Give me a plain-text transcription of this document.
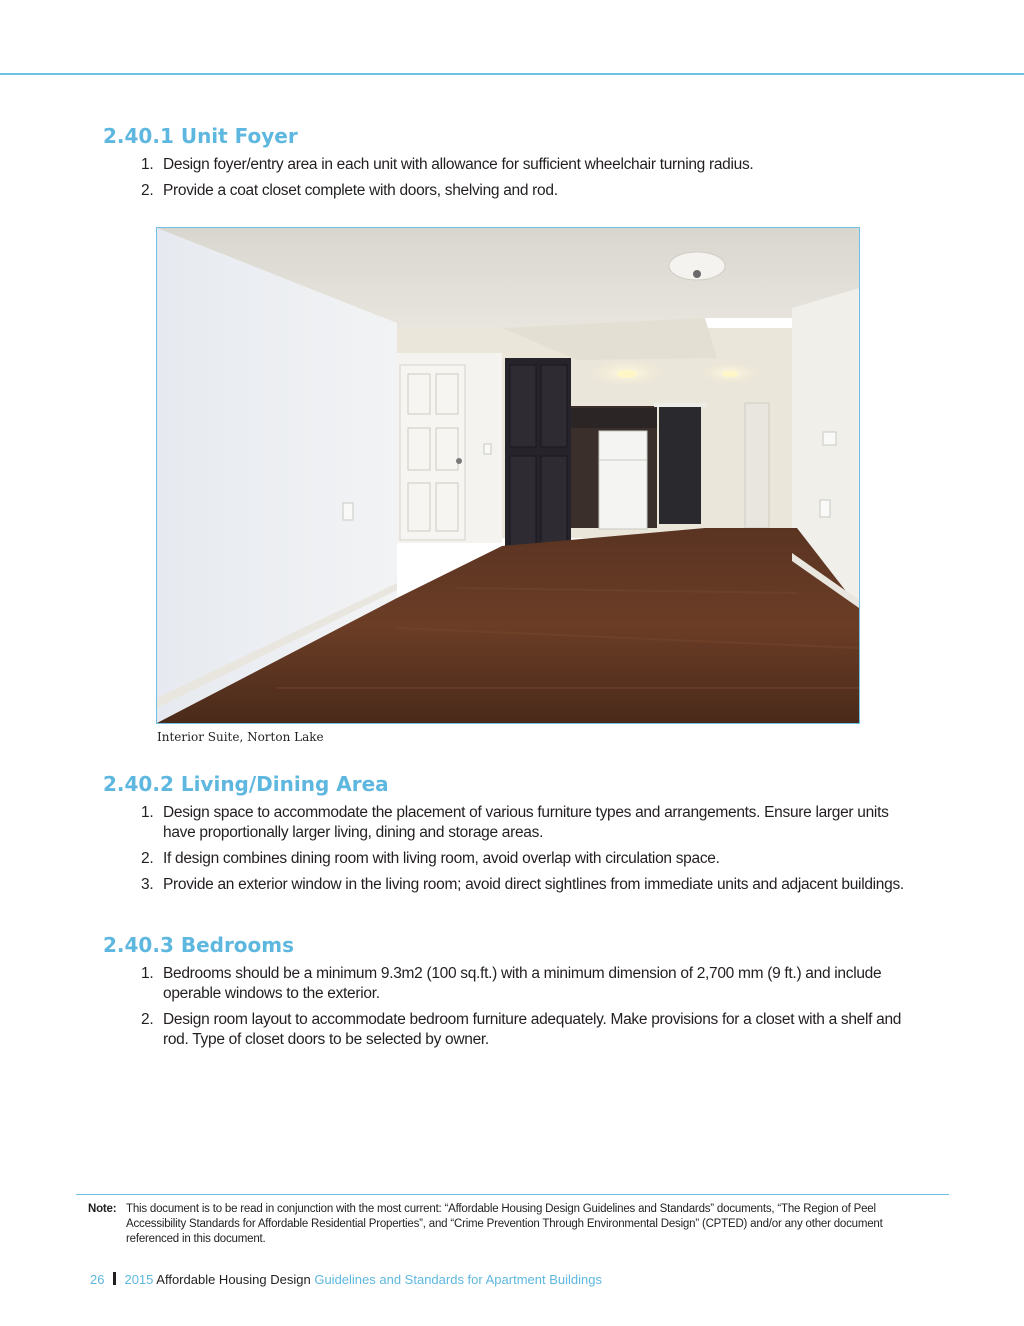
2.40.1 Unit Foyer
1. Design foyer/entry area in each unit with allowance for sufficient wheelchair turning radius.
2. Provide a coat closet complete with doors, shelving and rod.
Interior Suite, Norton Lake
2.40.2 Living/Dining Area
1. Design space to accommodate the placement of various furniture types and arrangements. Ensure larger units have proportionally larger living, dining and storage areas.
2. If design combines dining room with living room, avoid overlap with circulation space.
3. Provide an exterior window in the living room; avoid direct sightlines from immediate units and adjacent buildings.
2.40.3 Bedrooms
1. Bedrooms should be a minimum 9.3m2 (100 sq.ft.) with a minimum dimension of 2,700 mm (9 ft.) and include operable windows to the exterior.
2. Design room layout to accommodate bedroom furniture adequately. Make provisions for a closet with a shelf and rod. Type of closet doors to be selected by owner.
Note: This document is to be read in conjunction with the most current: “Affordable Housing Design Guidelines and Standards” documents, “The Region of Peel Accessibility Standards for Affordable Residential Properties”, and “Crime Prevention Through Environmental Design” (CPTED) and/or any other document referenced in this document.
26 2015 Affordable Housing Design Guidelines and Standards for Apartment Buildings
